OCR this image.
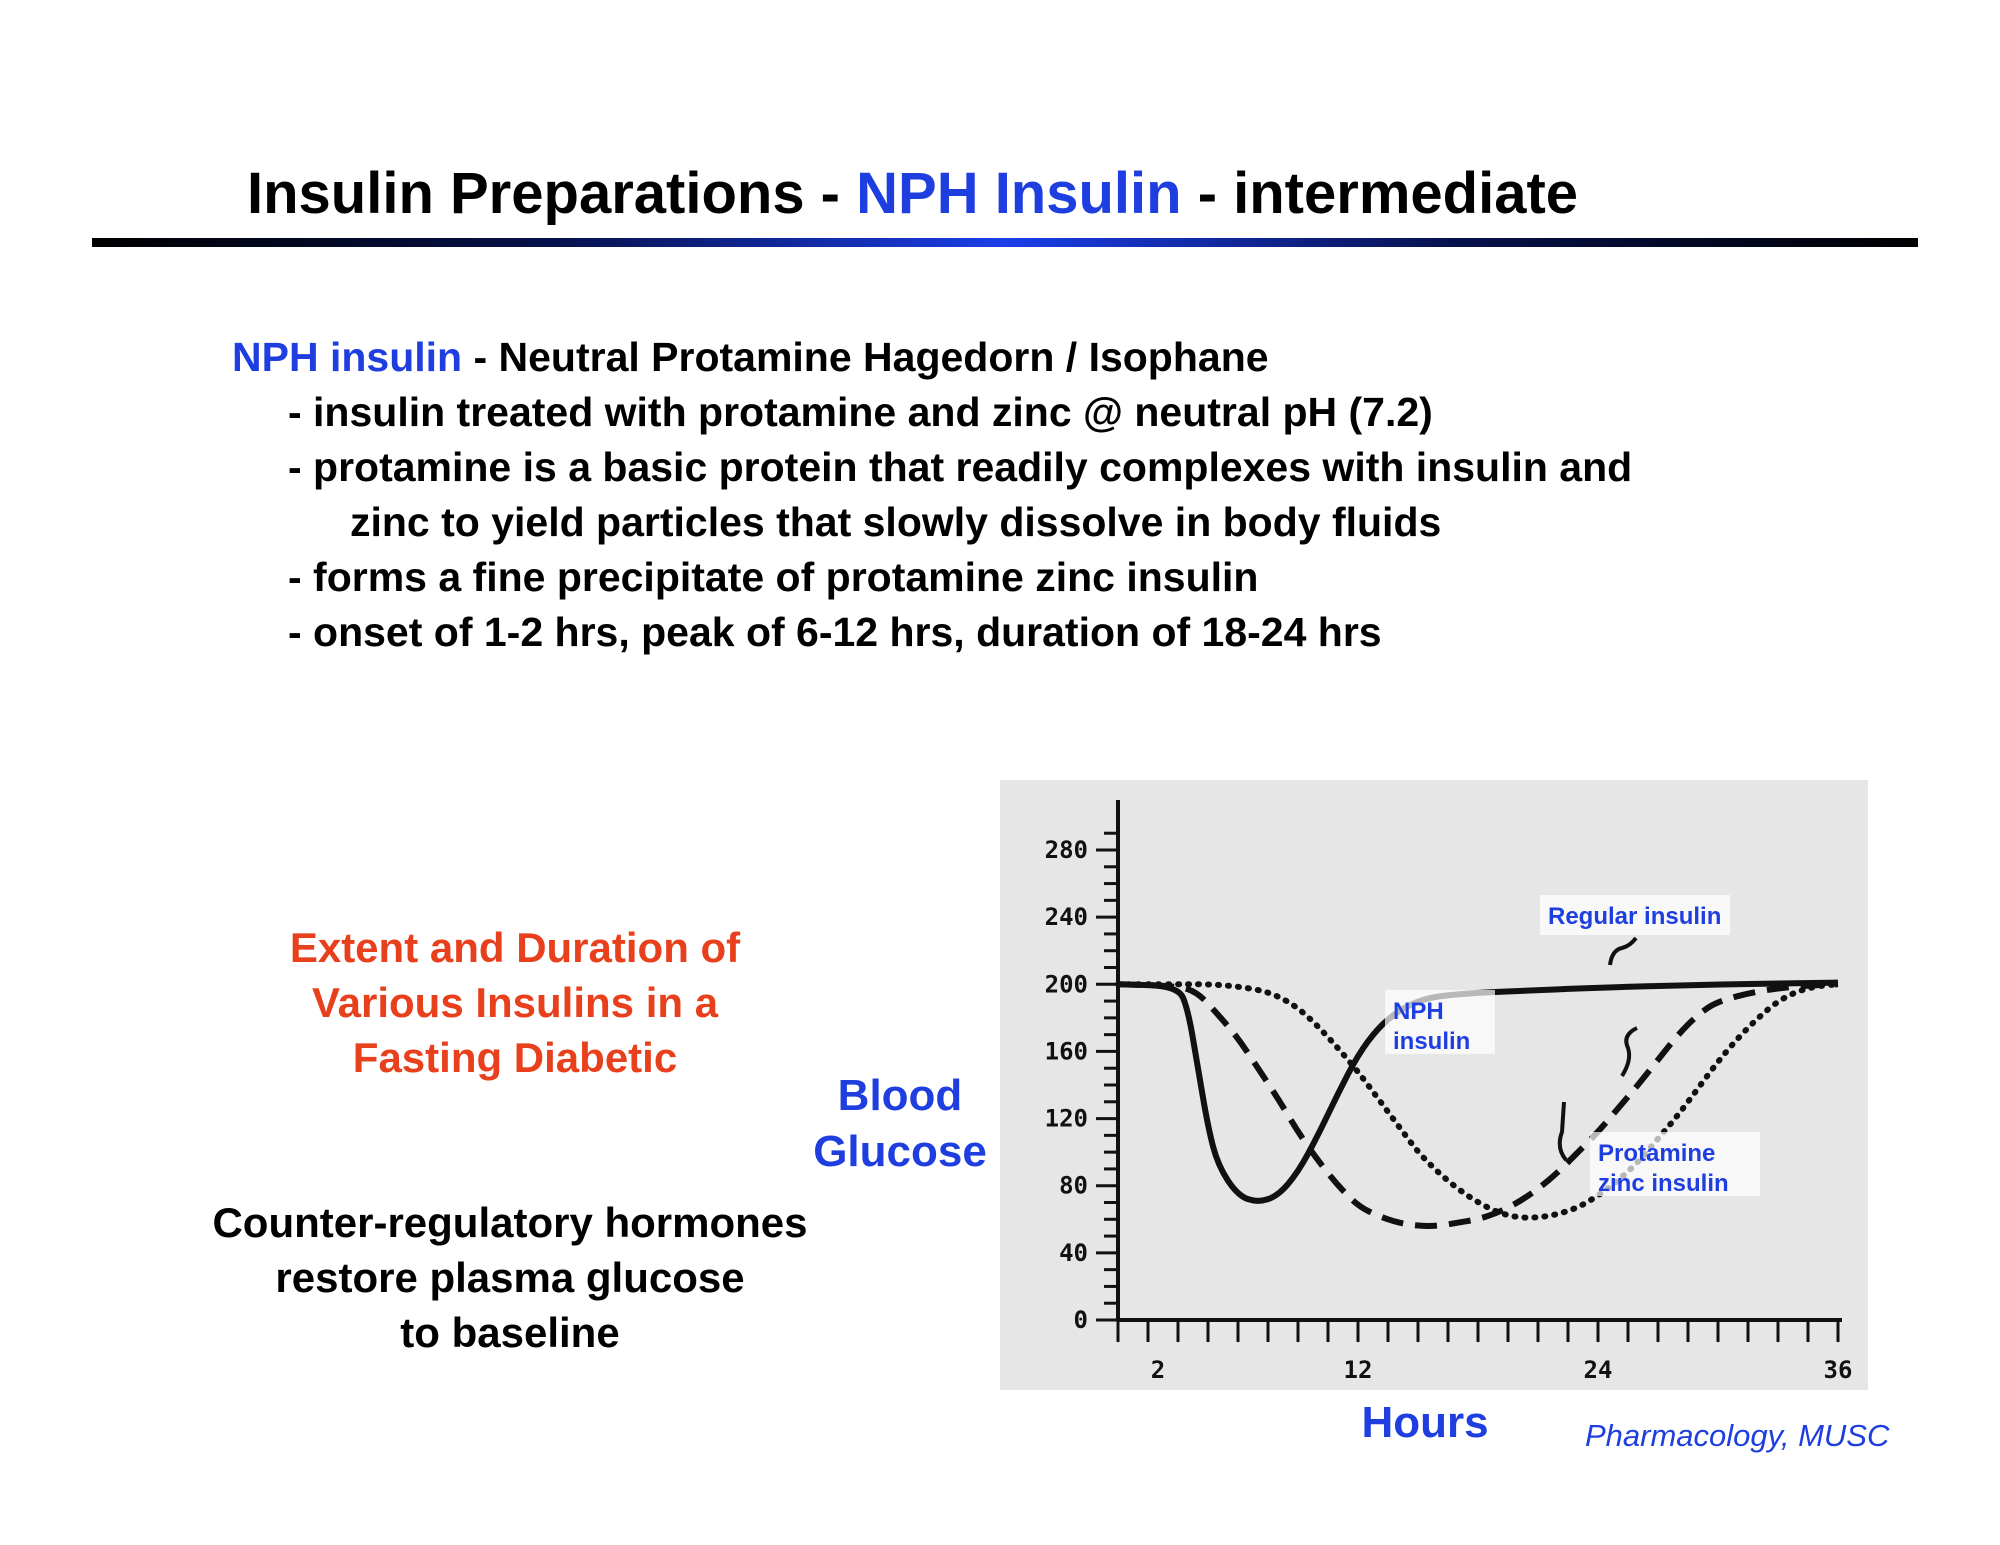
Insulin Preparations - NPH Insulin - intermediate
NPH insulin - Neutral Protamine Hagedorn / Isophane
- insulin treated with protamine and zinc @ neutral pH (7.2)
- protamine is a basic protein that readily complexes with insulin and
zinc to yield particles that slowly dissolve in body fluids
- forms a fine precipitate of protamine zinc insulin
- onset of 1-2 hrs, peak of 6-12 hrs, duration of 18-24 hrs
Extent and Duration of
Various Insulins in a
Fasting Diabetic
Counter-regulatory hormones
restore plasma glucose
to baseline
Blood
Glucose
Hours	Pharmacology, MUSC
0
40
80
120
160
200
240
280
2	12	24	36
Regular insulin
NPH
insulin
Protamine
zinc insulin
